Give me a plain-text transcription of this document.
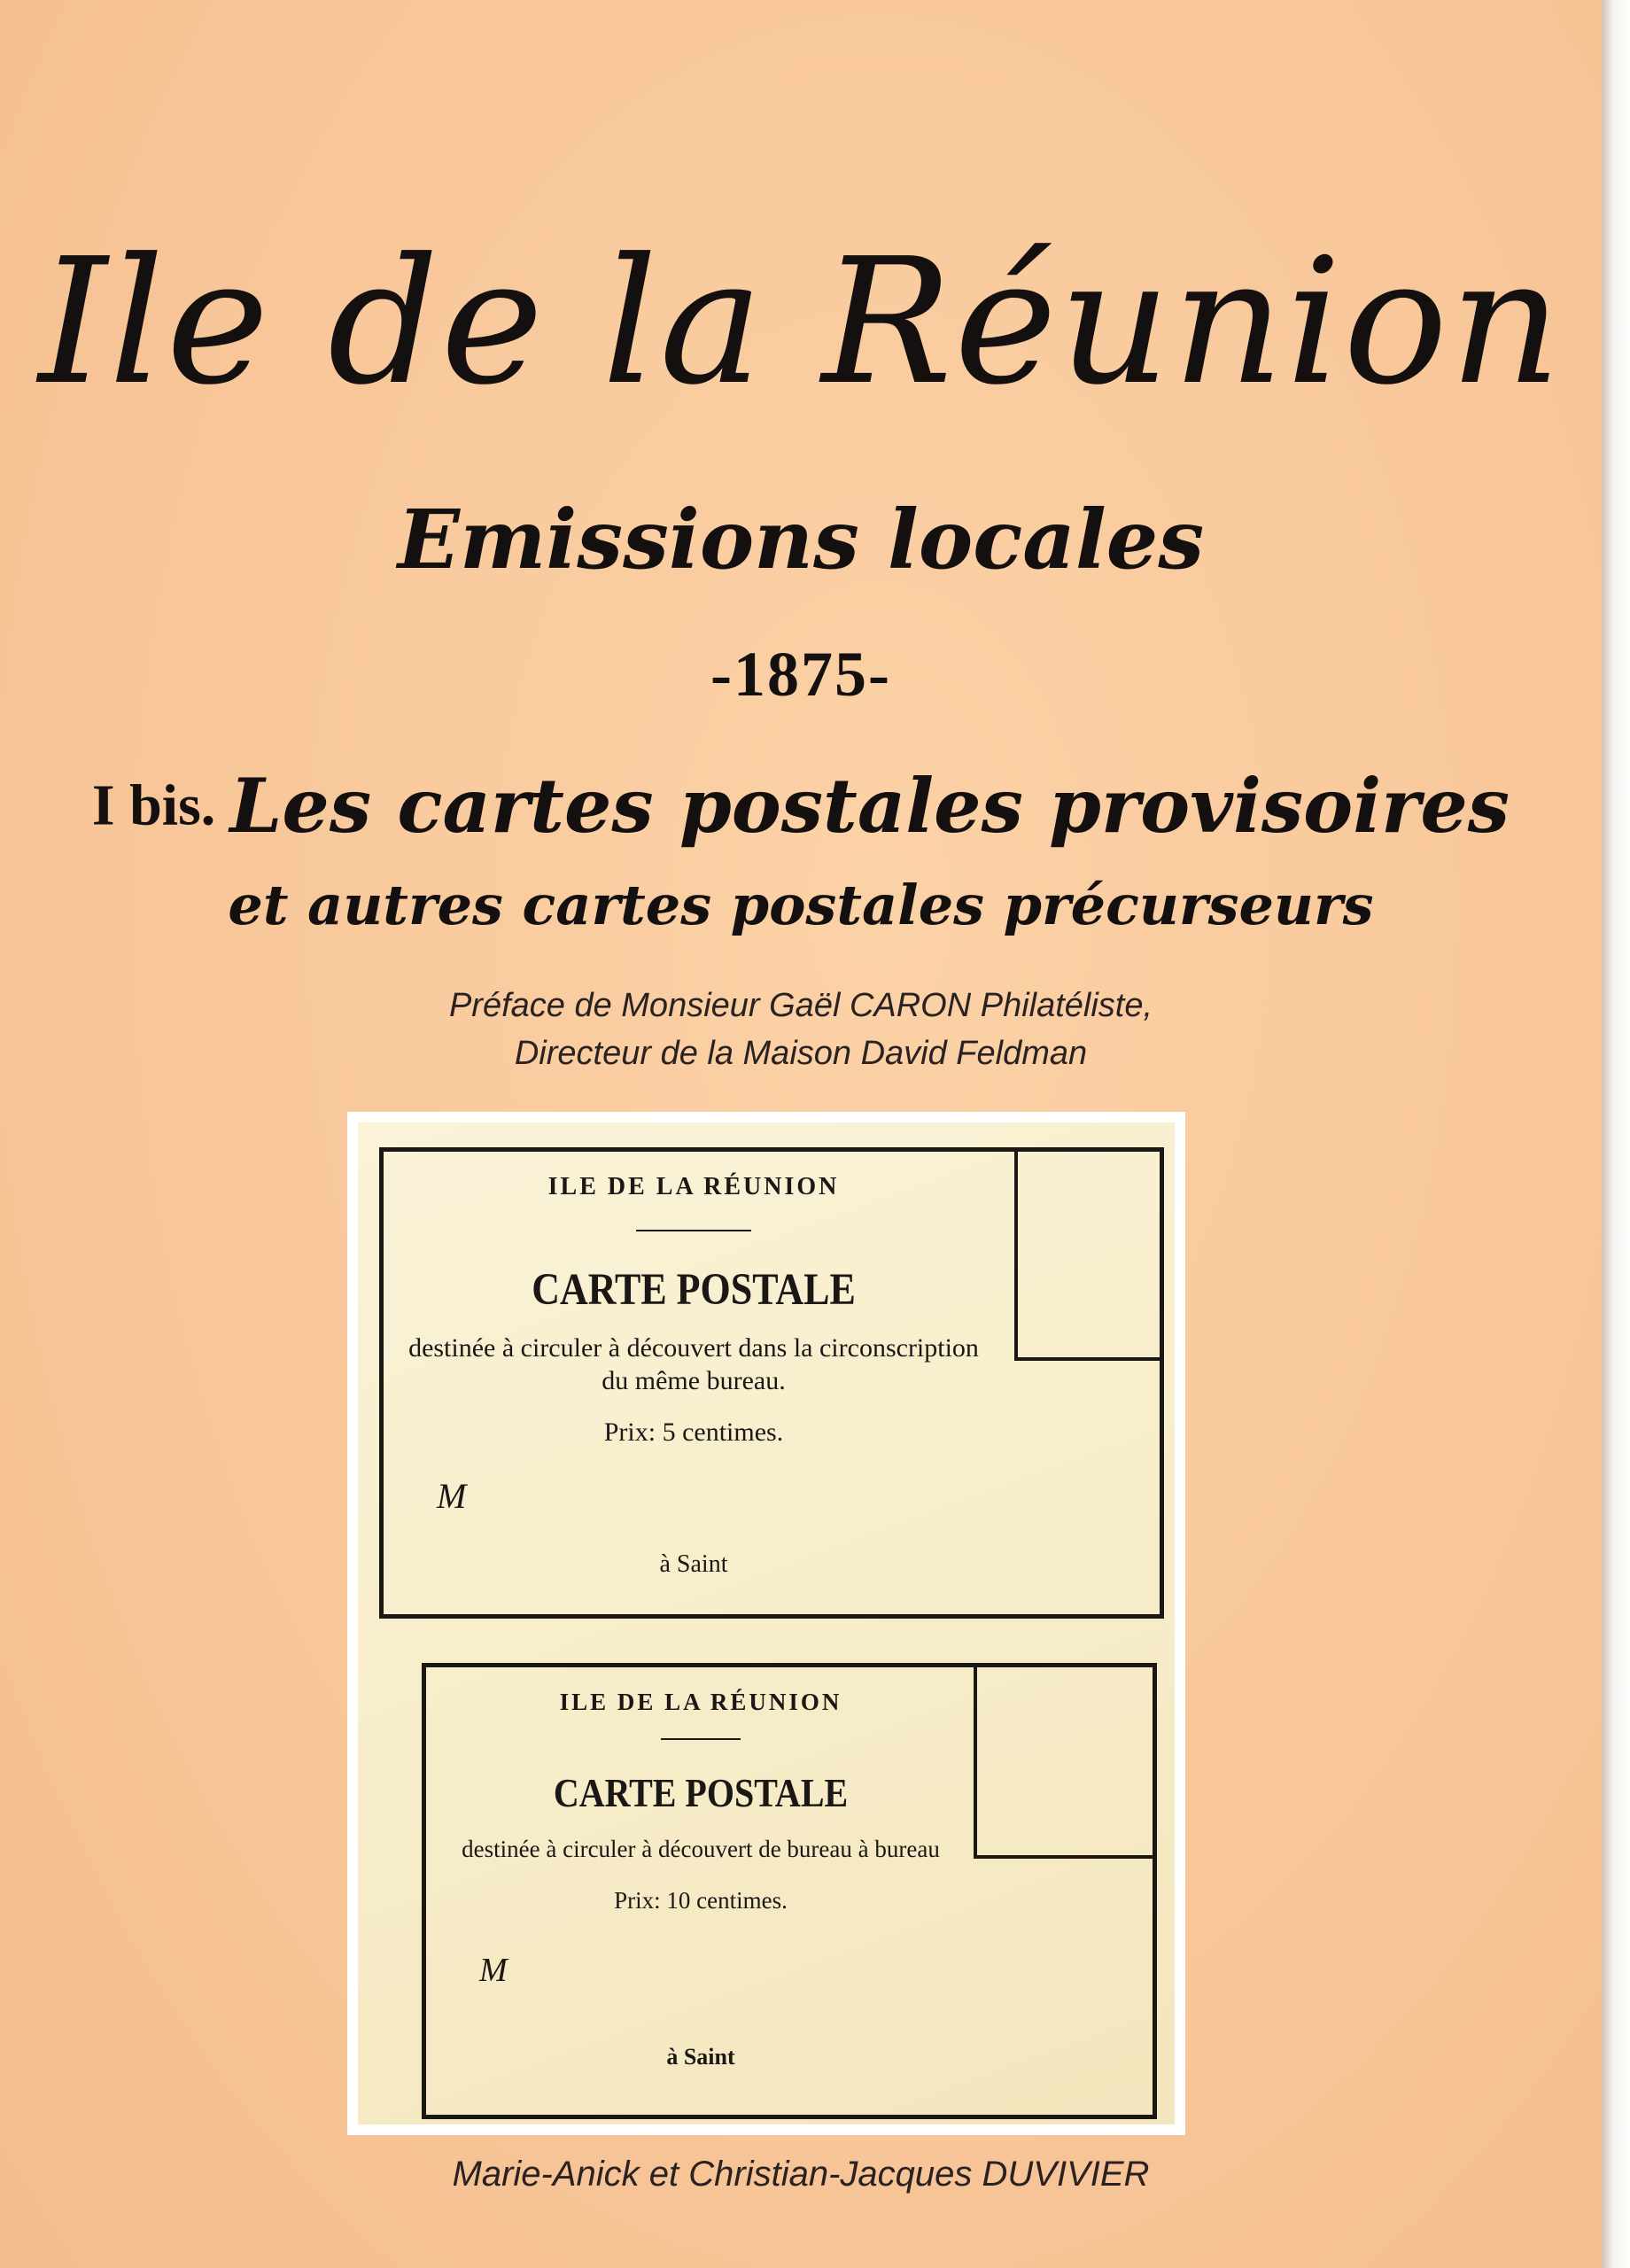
Ile de la Réunion
Emissions locales
-1875-
I bis. Les cartes postales provisoires
et autres cartes postales précurseurs
Préface de Monsieur Gaël CARON Philatéliste,
Directeur de la Maison David Feldman
ILE DE LA RÉUNION
CARTE POSTALE
destinée à circuler à découvert dans la circonscription
du même bureau.
Prix: 5 centimes.
M
à Saint
ILE DE LA RÉUNION
CARTE POSTALE
destinée à circuler à découvert de bureau à bureau
Prix: 10 centimes.
M
à Saint
Marie-Anick et Christian-Jacques DUVIVIER
